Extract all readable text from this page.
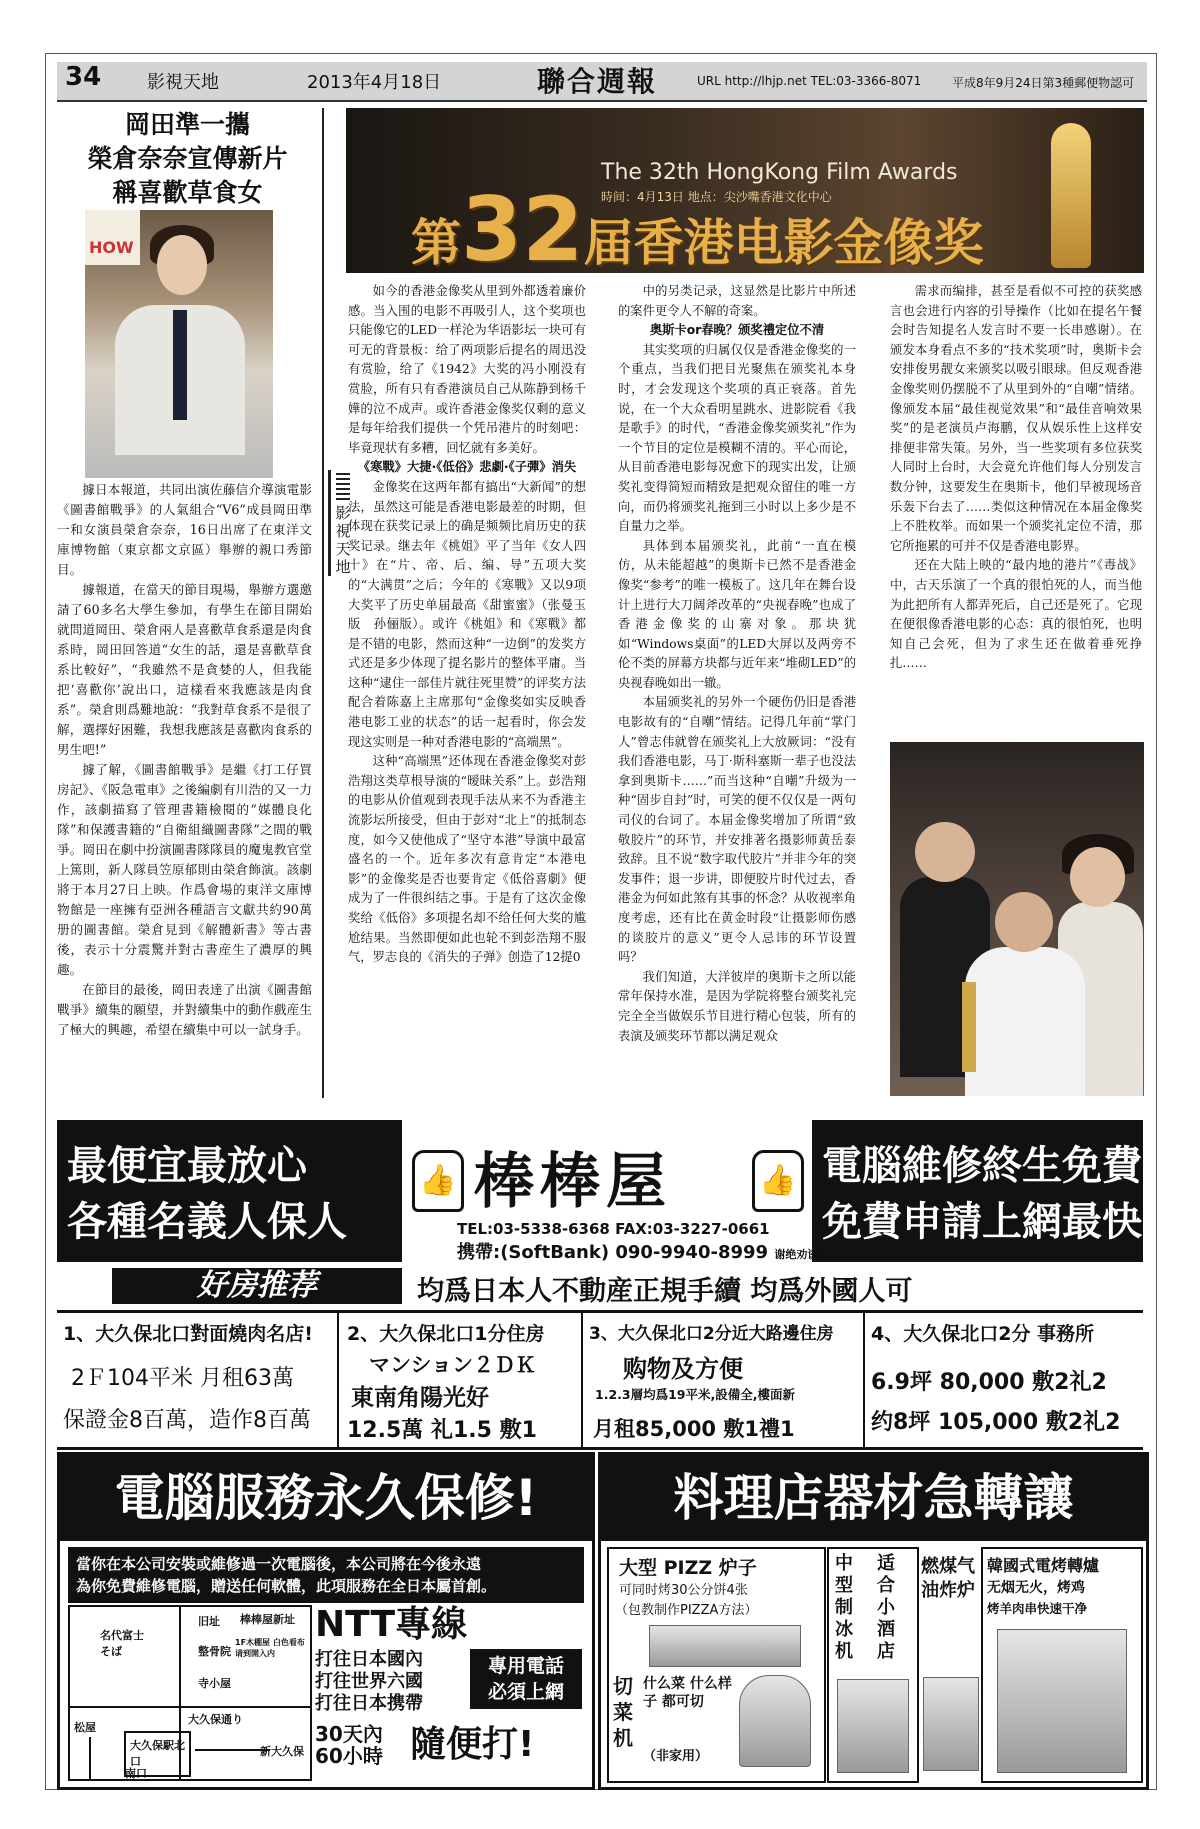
34	影視天地	2013年4月18日	聯合週報	URL http://lhjp.net TEL:03-3366-8071	平成8年9月24日第3種郵便物認可
岡田準一攜
榮倉奈奈宣傳新片
稱喜歡草食女
HOW

據日本報道，共同出演佐藤信介導演電影《圖書館戰爭》的人氣組合“V6”成員岡田準一和女演員榮倉奈奈，16日出席了在東洋文庫博物館（東京都文京區）舉辦的親口秀節目。

據報道，在當天的節目現場，舉辦方選邀請了60多名大學生參加，有學生在節目開始就問道岡田、榮倉兩人是喜歡草食系還是肉食系時，岡田回答道“女生的話，還是喜歡草食系比較好”，“我雖然不是貪婪的人，但我能把‘喜歡你’說出口，這樣看來我應該是肉食系”。榮倉則爲難地說：“我對草食系不是很了解，選擇好困難，我想我應該是喜歡肉食系的男生吧!”

據了解，《圖書館戰爭》是繼《打工仔買房記》、《阪急電車》之後編劇有川浩的又一力作，該劇描寫了管理書籍檢閱的“媒體良化隊”和保護書籍的“自衛組織圖書隊”之間的戰爭。岡田在劇中扮演圖書隊隊員的魔鬼教官堂上篤則，新人隊員笠原郁則由榮倉飾演。該劇將于本月27日上映。作爲會場的東洋文庫博物館是一座擁有亞洲各種語言文獻共約90萬册的圖書館。榮倉見到《解體新書》等古書後，表示十分震驚并對古書産生了濃厚的興趣。

在節目的最後，岡田表達了出演《圖書館戰爭》續集的願望，并對續集中的動作戲産生了極大的興趣，希望在續集中可以一試身手。

影視天地
The 32th HongKong Film Awards
時间：4月13日 地点：尖沙嘴香港文化中心
第32届香港电影金像奖

如今的香港金像奖从里到外都透着廉价感。当入围的电影不再吸引人，这个奖项也只能像它的LED一样沦为华语影坛一块可有可无的背景板：给了两项影后提名的周迅没有赏脸，给了《1942》大奖的冯小刚没有赏脸，所有只有香港演员自己从陈静到杨千嬅的泣不成声。或许香港金像奖仅剩的意义是每年给我们提供一个凭吊港片的时刻吧：毕竟现状有多糟，回忆就有多美好。

《寒戰》大捷·《低俗》悲劇·《子彈》消失

金像奖在这两年都有搞出“大新闻”的想法，虽然这可能是香港电影最差的时期，但体现在获奖记录上的确是频频比肩历史的获奖记录。继去年《桃姐》平了当年《女人四十》在“片、帝、后、编、导”五项大奖的“大满贯”之后；今年的《寒戰》又以9项大奖平了历史单届最高《甜蜜蜜》（张曼玉版　孙俪版）。或许《桃姐》和《寒戰》都是不错的电影，然而这种“一边倒”的发奖方式还是多少体现了提名影片的整体平庸。当这种“逮住一部佳片就往死里赞”的评奖方法配合着陈嘉上主席那句“金像奖如实反映香港电影工业的状态”的话一起看时，你会发现这实则是一种对香港电影的“高端黑”。

这种“高端黑”还体现在香港金像奖对彭浩翔这类草根导演的“暧昧关系”上。彭浩翔的电影从价值观到表现手法从来不为香港主流影坛所接受，但由于彭对“北上”的抵制态度，如今又使他成了“坚守本港”导演中最富盛名的一个。近年多次有意肯定“本港电影”的金像奖是否也要肯定《低俗喜劇》便成为了一件很纠结之事。于是有了这次金像奖给《低俗》多项提名却不给任何大奖的尴尬结果。当然即便如此也轮不到彭浩翔不服气，罗志良的《消失的子弹》创造了12提0

中的另类记录，这显然是比影片中所述的案件更令人不解的奇案。

奥斯卡or春晚？颁奖禮定位不清

其实奖项的归属仅仅是香港金像奖的一个重点，当我们把目光聚焦在颁奖礼本身时，才会发现这个奖项的真正衰落。首先说，在一个大众看明星跳水、进影院看《我是歌手》的时代，“香港金像奖颁奖礼”作为一个节目的定位是模糊不清的。平心而论，从目前香港电影每况愈下的现实出发，让颁奖礼变得简短而精致是把观众留住的唯一方向，而仍将颁奖礼拖到三小时以上多少是不自量力之举。

具体到本届颁奖礼，此前“一直在模仿，从未能超越”的奥斯卡已然不是香港金像奖“参考”的唯一模板了。这几年在舞台设计上进行大刀阔斧改革的“央视春晚”也成了香港金像奖的山寨对象。那块犹如“Windows桌面”的LED大屏以及两旁不伦不类的屏幕方块都与近年来“堆砌LED”的央视春晚如出一辙。

本届颁奖礼的另外一个硬伤仍旧是香港电影故有的“自嘲”情结。记得几年前“掌门人”曾志伟就曾在颁奖礼上大放厥词：“没有我们香港电影，马丁·斯科塞斯一辈子也没法拿到奥斯卡……”而当这种“自嘲”升级为一种“固步自封”时，可笑的便不仅仅是一两句司仪的台词了。本届金像奖增加了所谓“致敬胶片”的环节，并安排著名摄影师黄岳泰致辞。且不说“数字取代胶片”并非今年的突发事件；退一步讲，即便胶片时代过去，香港金为何如此煞有其事的怀念？从收视率角度考虑，还有比在黄金时段“让摄影师伤感的谈胶片的意义”更令人忌讳的环节设置吗？

我们知道，大洋彼岸的奥斯卡之所以能常年保持水准，是因为学院将整台颁奖礼完完全全当做娱乐节目进行精心包装，所有的表演及颁奖环节都以满足观众

需求而编排，甚至是看似不可控的获奖感言也会进行内容的引导操作（比如在提名午餐会时告知提名人发言时不要一长串感谢）。在颁发本身看点不多的“技术奖项”时，奥斯卡会安排俊男靓女来颁奖以吸引眼球。但反观香港金像奖则仍摆脱不了从里到外的“自嘲”情绪。像颁发本届“最佳视觉效果”和“最佳音响效果奖”的是老演员卢海鹏，仅从娱乐性上这样安排便非常失策。另外，当一些奖项有多位获奖人同时上台时，大会竟允许他们每人分别发言数分钟，这要发生在奥斯卡，他们早被现场音乐轰下台去了……类似这种情况在本届金像奖上不胜枚举。而如果一个颁奖礼定位不清，那它所拖累的可并不仅是香港电影界。

还在大陆上映的“最内地的港片”《毒战》中，古天乐演了一个真的很怕死的人，而当他为此把所有人都弄死后，自己还是死了。它现在便很像香港电影的心态：真的很怕死，也明知自己会死，但为了求生还在做着垂死挣扎……

最便宜最放心
各種名義人保人
👍 棒棒屋	👍
TEL:03-5338-6368 FAX:03-3227-0661
携帶:(SoftBank) 090-9940-8999 谢绝劝诱
電腦維修終生免費
免費申請上網最快
好房推荐	均爲日本人不動産正規手續 均爲外國人可
1、大久保北口對面燒肉名店!
2Ｆ104平米 月租63萬
保證金8百萬，造作8百萬
2、大久保北口1分住房
マンション２ＤＫ
東南角陽光好
12.5萬 礼1.5 敷1
3、大久保北口2分近大路邊住房
购物及方便
1.2.3層均爲19平米,設備全,樓面新
月租85,000 敷1禮1
4、大久保北口2分 事務所
6.9坪 80,000 敷2礼2
约8坪 105,000 敷2礼2
電腦服務永久保修!
當你在本公司安裝或維修過一次電腦後，本公司將在今後永遠
為你免費維修電腦，贈送任何軟體，此項服務在全日本屬首創。
旧址 棒棒屋新址
1F木棚屋 白色看布 请到開入内
名代富士そば	整骨院
寺小屋
大久保通り
新大久保
大久保駅北口
南口
松屋
NTT專線
打往日本國內
打往世界六國
打往日本携帶
專用電話
必須上網
30天內
60小時 隨便打!
料理店器材急轉讓
大型 PIZZ 炉子
可同时烤30公分饼4张
（包教制作PIZZA方法）
切菜机
什么菜 什么样子 都可切
（非家用）
中型制冰机
适合小酒店
燃煤气油炸炉
韓國式電烤轉爐
无烟无火，烤鸡
烤羊肉串快速干净
